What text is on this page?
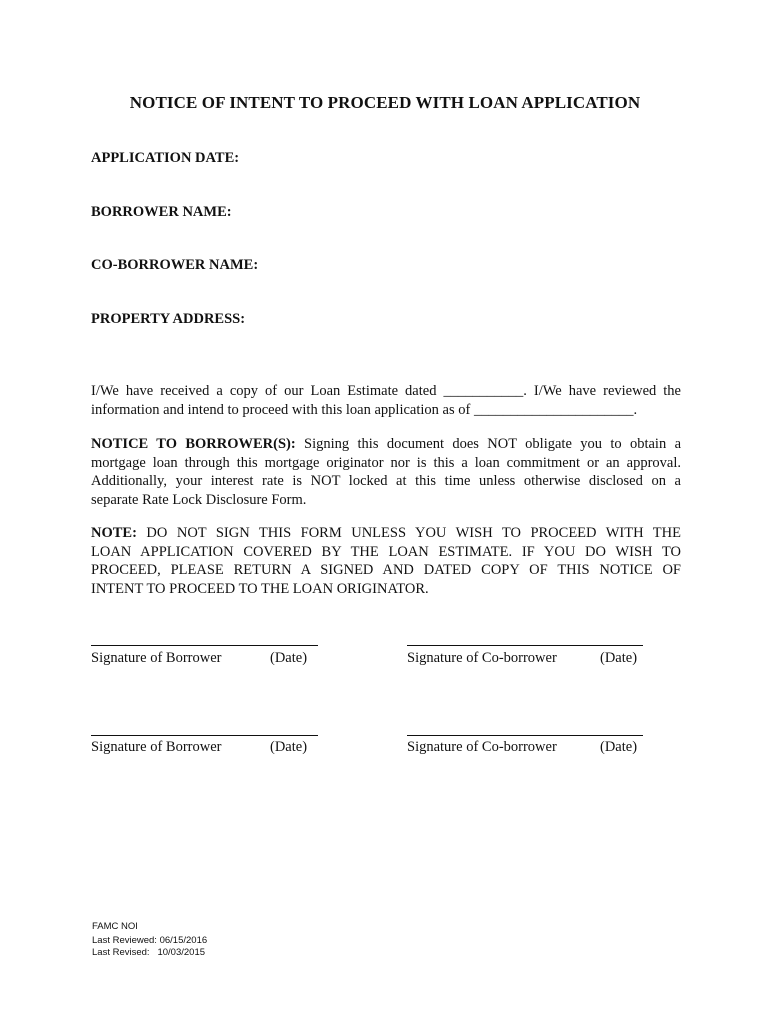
NOTICE OF INTENT TO PROCEED WITH LOAN APPLICATION
APPLICATION DATE:
BORROWER NAME:
CO-BORROWER NAME:
PROPERTY ADDRESS:
I/We have received a copy of our Loan Estimate dated ___________. I/We have reviewed the
information and intend to proceed with this loan application as of ______________________.
NOTICE TO BORROWER(S): Signing this document does NOT obligate you to obtain a
mortgage loan through this mortgage originator nor is this a loan commitment or an approval.
Additionally, your interest rate is NOT locked at this time unless otherwise disclosed on a
separate Rate Lock Disclosure Form.
NOTE: DO NOT SIGN THIS FORM UNLESS YOU WISH TO PROCEED WITH THE
LOAN APPLICATION COVERED BY THE LOAN ESTIMATE. IF YOU DO WISH TO
PROCEED, PLEASE RETURN A SIGNED AND DATED COPY OF THIS NOTICE OF
INTENT TO PROCEED TO THE LOAN ORIGINATOR.
Signature of Borrower	(Date)	Signature of Co-borrower	(Date)
Signature of Borrower	(Date)	Signature of Co-borrower	(Date)
FAMC NOI
Last Reviewed: 06/15/2016
Last Revised:   10/03/2015
